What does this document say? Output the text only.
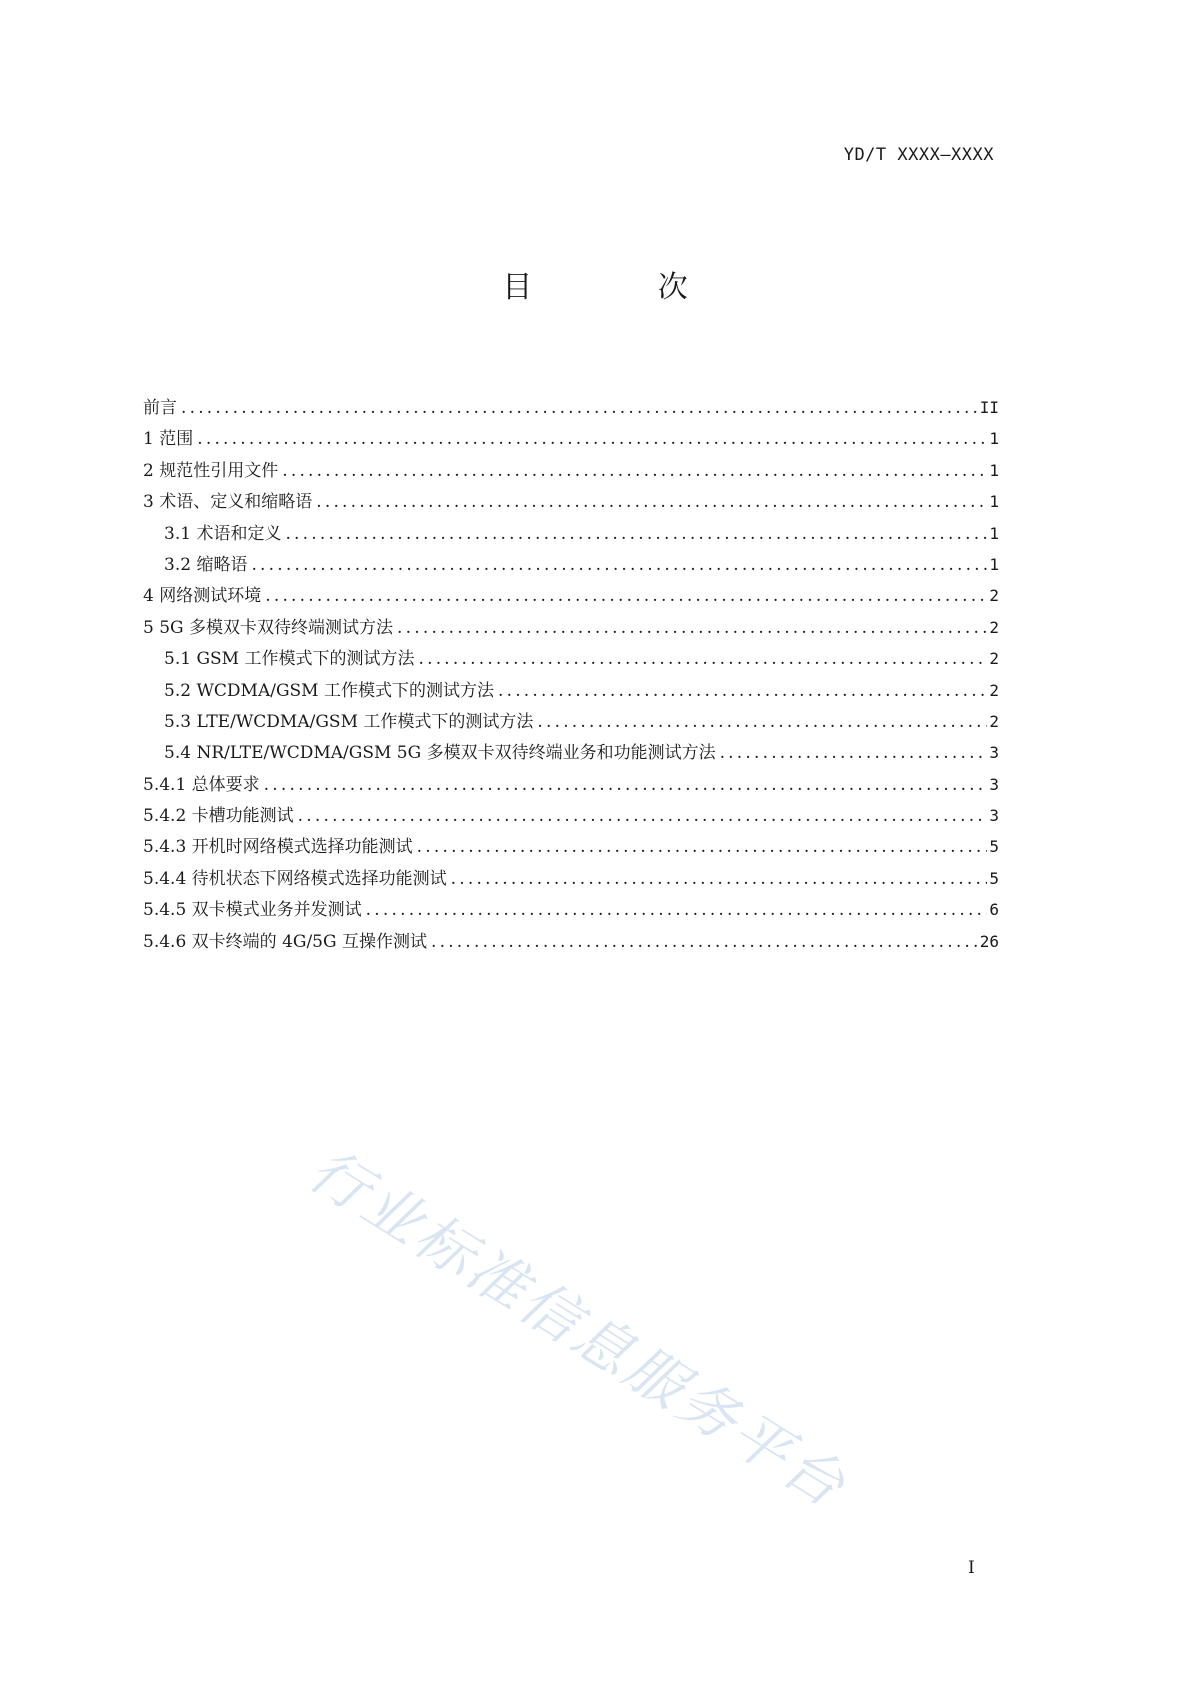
YD/T XXXX—XXXX
目 次
前言 .....	II
1 范围 .....	1
2 规范性引用文件 .....	1
3 术语、定义和缩略语 .....	1
3.1 术语和定义 .....	1
3.2 缩略语 .....	1
4 网络测试环境 .....	2
5 5G 多模双卡双待终端测试方法 .....	2
5.1 GSM 工作模式下的测试方法 .....	2
5.2 WCDMA/GSM 工作模式下的测试方法 .....	2
5.3 LTE/WCDMA/GSM 工作模式下的测试方法 .....	2
5.4 NR/LTE/WCDMA/GSM 5G 多模双卡双待终端业务和功能测试方法 .....	3
5.4.1 总体要求 .....	3
5.4.2 卡槽功能测试 .....	3
5.4.3 开机时网络模式选择功能测试 .....	5
5.4.4 待机状态下网络模式选择功能测试 .....	5
5.4.5 双卡模式业务并发测试 .....	6
5.4.6 双卡终端的 4G/5G 互操作测试 .....	26
行业标准信息服务平台
I
